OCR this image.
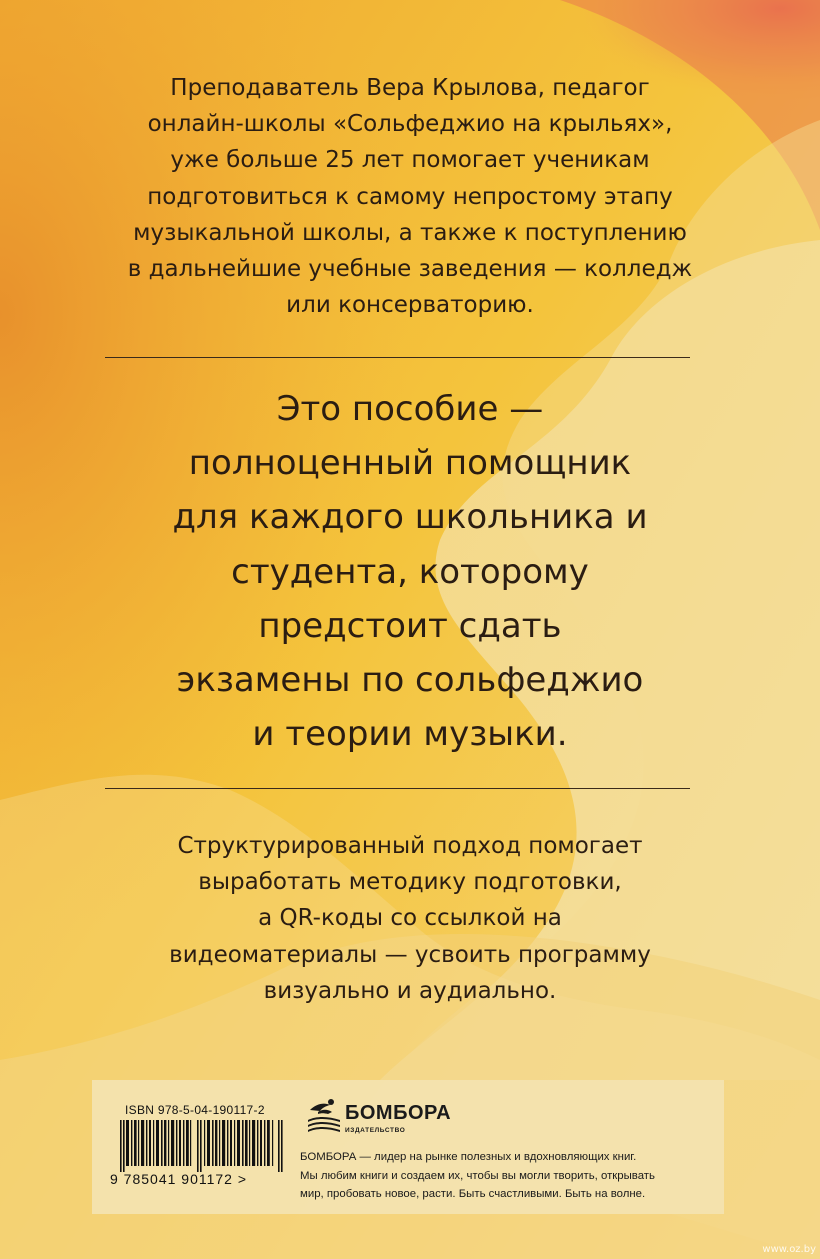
Преподаватель Вера Крылова, педагог
онлайн-школы «Сольфеджио на крыльях»,
уже больше 25 лет помогает ученикам
подготовиться к самому непростому этапу
музыкальной школы, а также к поступлению
в дальнейшие учебные заведения — колледж
или консерваторию.
Это пособие —
полноценный помощник
для каждого школьника и
студента, которому
предстоит сдать
экзамены по сольфеджио
и теории музыки.
Структурированный подход помогает
выработать методику подготовки,
а QR-коды со ссылкой на
видеоматериалы — усвоить программу
визуально и аудиально.
ISBN 978-5-04-190117-2
9 785041 901172 >
БОМБОРА
ИЗДАТЕЛЬСТВО
БОМБОРА — лидер на рынке полезных и вдохновляющих книг.
Мы любим книги и создаем их, чтобы вы могли творить, открывать
мир, пробовать новое, расти. Быть счастливыми. Быть на волне.
www.oz.by
